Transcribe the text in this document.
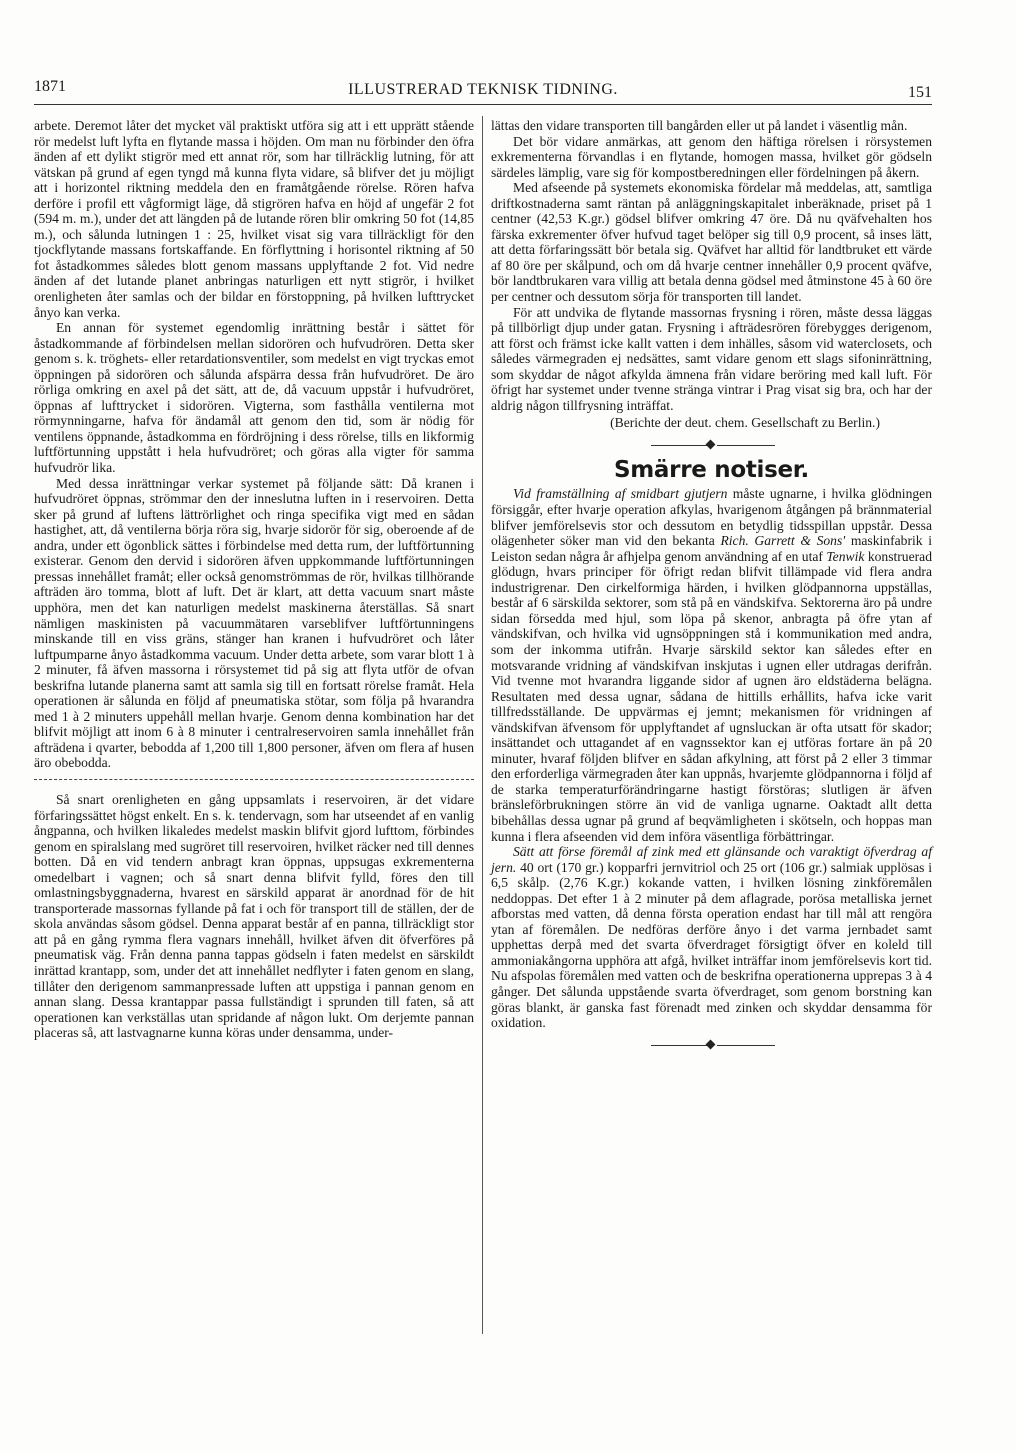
1871	ILLUSTRERAD TEKNISK TIDNING.	151

arbete. Deremot låter det mycket väl praktiskt utföra sig att i ett upprätt stående rör medelst luft lyfta en flytande massa i höjden. Om man nu förbinder den öfra änden af ett dylikt stigrör med ett annat rör, som har tillräcklig lutning, för att vätskan på grund af egen tyngd må kunna flyta vidare, så blifver det ju möjligt att i horizontel riktning meddela den en framåtgående rörelse. Rören hafva derföre i profil ett vågformigt läge, då stigrören hafva en höjd af ungefär 2 fot (594 m. m.), under det att längden på de lutande rören blir omkring 50 fot (14,85 m.), och sålunda lutningen 1 : 25, hvilket visat sig vara tillräckligt för den tjockflytande massans fortskaffande. En förflyttning i horisontel riktning af 50 fot åstadkommes således blott genom massans upplyftande 2 fot. Vid nedre änden af det lutande planet anbringas naturligen ett nytt stigrör, i hvilket orenligheten åter samlas och der bildar en förstoppning, på hvilken lufttrycket ånyo kan verka.

En annan för systemet egendomlig inrättning består i sättet för åstadkommande af förbindelsen mellan sidorören och hufvudrören. Detta sker genom s. k. tröghets- eller retardationsventiler, som medelst en vigt tryckas emot öppningen på sidorören och sålunda afspärra dessa från hufvudröret. De äro rörliga omkring en axel på det sätt, att de, då vacuum uppstår i hufvudröret, öppnas af lufttrycket i sidorören. Vigterna, som fasthålla ventilerna mot rörmynningarne, hafva för ändamål att genom den tid, som är nödig för ventilens öppnande, åstadkomma en fördröjning i dess rörelse, tills en likformig luftförtunning uppstått i hela hufvudröret; och göras alla vigter för samma hufvudrör lika.

Med dessa inrättningar verkar systemet på följande sätt: Då kranen i hufvudröret öppnas, strömmar den der inneslutna luften in i reservoiren. Detta sker på grund af luftens lättrörlighet och ringa specifika vigt med en sådan hastighet, att, då ventilerna börja röra sig, hvarje sidorör för sig, oberoende af de andra, under ett ögonblick sättes i förbindelse med detta rum, der luftförtunning existerar. Genom den dervid i sidorören äfven uppkommande luftförtunningen pressas innehållet framåt; eller också genomströmmas de rör, hvilkas tillhörande afträden äro tomma, blott af luft. Det är klart, att detta vacuum snart måste upphöra, men det kan naturligen medelst maskinerna återställas. Så snart nämligen maskinisten på vacuummätaren varseblifver luftförtunningens minskande till en viss gräns, stänger han kranen i hufvudröret och låter luftpumparne ånyo åstadkomma vacuum. Under detta arbete, som varar blott 1 à 2 minuter, få äfven massorna i rörsystemet tid på sig att flyta utför de ofvan beskrifna lutande planerna samt att samla sig till en fortsatt rörelse framåt. Hela operationen är sålunda en följd af pneumatiska stötar, som följa på hvarandra med 1 à 2 minuters uppehåll mellan hvarje. Genom denna kombination har det blifvit möjligt att inom 6 à 8 minuter i centralreservoiren samla innehållet från afträdena i qvarter, bebodda af 1,200 till 1,800 personer, äfven om flera af husen äro obebodda.

Så snart orenligheten en gång uppsamlats i reservoiren, är det vidare förfaringssättet högst enkelt. En s. k. tendervagn, som har utseendet af en vanlig ångpanna, och hvilken likaledes medelst maskin blifvit gjord lufttom, förbindes genom en spiralslang med sugröret till reservoiren, hvilket räcker ned till dennes botten. Då en vid tendern anbragt kran öppnas, uppsugas exkrementerna omedelbart i vagnen; och så snart denna blifvit fylld, föres den till omlastningsbyggnaderna, hvarest en särskild apparat är anordnad för de hit transporterade massornas fyllande på fat i och för transport till de ställen, der de skola användas såsom gödsel. Denna apparat består af en panna, tillräckligt stor att på en gång rymma flera vagnars innehåll, hvilket äfven dit öfverföres på pneumatisk väg. Från denna panna tappas gödseln i faten medelst en särskildt inrättad krantapp, som, under det att innehållet nedflyter i faten genom en slang, tillåter den derigenom sammanpressade luften att uppstiga i pannan genom en annan slang. Dessa krantappar passa fullständigt i sprunden till faten, så att operationen kan verkställas utan spridande af någon lukt. Om derjemte pannan placeras så, att lastvagnarne kunna köras under densamma, under-

lättas den vidare transporten till bangården eller ut på landet i väsentlig mån.

Det bör vidare anmärkas, att genom den häftiga rörelsen i rörsystemen exkrementerna förvandlas i en flytande, homogen massa, hvilket gör gödseln särdeles lämplig, vare sig för kompostberedningen eller fördelningen på åkern.

Med afseende på systemets ekonomiska fördelar må meddelas, att, samtliga driftkostnaderna samt räntan på anläggningskapitalet inberäknade, priset på 1 centner (42,53 K.gr.) gödsel blifver omkring 47 öre. Då nu qväfvehalten hos färska exkrementer öfver hufvud taget belöper sig till 0,9 procent, så inses lätt, att detta förfaringssätt bör betala sig. Qväfvet har alltid för landtbruket ett värde af 80 öre per skålpund, och om då hvarje centner innehåller 0,9 procent qväfve, bör landtbrukaren vara villig att betala denna gödsel med åtminstone 45 à 60 öre per centner och dessutom sörja för transporten till landet.

För att undvika de flytande massornas frysning i rören, måste dessa läggas på tillbörligt djup under gatan. Frysning i afträdesrören förebygges derigenom, att först och främst icke kallt vatten i dem inhälles, såsom vid waterclosets, och således värmegraden ej nedsättes, samt vidare genom ett slags sifoninrättning, som skyddar de något afkylda ämnena från vidare beröring med kall luft. För öfrigt har systemet under tvenne stränga vintrar i Prag visat sig bra, och har der aldrig någon tillfrysning inträffat.

(Berichte der deut. chem. Gesellschaft zu Berlin.)
Smärre notiser.

Vid framställning af smidbart gjutjern måste ugnarne, i hvilka glödningen försiggår, efter hvarje operation afkylas, hvarigenom åtgången på brännmaterial blifver jemförelsevis stor och dessutom en betydlig tidsspillan uppstår. Dessa olägenheter söker man vid den bekanta Rich. Garrett & Sons' maskinfabrik i Leiston sedan några år afhjelpa genom användning af en utaf Tenwik konstruerad glödugn, hvars principer för öfrigt redan blifvit tillämpade vid flera andra industrigrenar. Den cirkelformiga härden, i hvilken glödpannorna uppställas, består af 6 särskilda sektorer, som stå på en vändskifva. Sektorerna äro på undre sidan försedda med hjul, som löpa på skenor, anbragta på öfre ytan af vändskifvan, och hvilka vid ugnsöppningen stå i kommunikation med andra, som der inkomma utifrån. Hvarje särskild sektor kan således efter en motsvarande vridning af vändskifvan inskjutas i ugnen eller utdragas derifrån. Vid tvenne mot hvarandra liggande sidor af ugnen äro eldstäderna belägna. Resultaten med dessa ugnar, sådana de hittills erhållits, hafva icke varit tillfredsställande. De uppvärmas ej jemnt; mekanismen för vridningen af vändskifvan äfvensom för upplyftandet af ugnsluckan är ofta utsatt för skador; insättandet och uttagandet af en vagnssektor kan ej utföras fortare än på 20 minuter, hvaraf följden blifver en sådan afkylning, att först på 2 eller 3 timmar den erforderliga värmegraden åter kan uppnås, hvarjemte glödpannorna i följd af de starka temperaturförändringarne hastigt förstöras; slutligen är äfven bränsleförbrukningen större än vid de vanliga ugnarne. Oaktadt allt detta bibehållas dessa ugnar på grund af beqvämligheten i skötseln, och hoppas man kunna i flera afseenden vid dem införa väsentliga förbättringar.

Sätt att förse föremål af zink med ett glänsande och varaktigt öfverdrag af jern. 40 ort (170 gr.) kopparfri jernvitriol och 25 ort (106 gr.) salmiak upplösas i 6,5 skålp. (2,76 K.gr.) kokande vatten, i hvilken lösning zinkföremålen neddoppas. Det efter 1 à 2 minuter på dem aflagrade, porösa metalliska jernet afborstas med vatten, då denna första operation endast har till mål att rengöra ytan af föremålen. De nedföras derföre ånyo i det varma jernbadet samt upphettas derpå med det svarta öfverdraget försigtigt öfver en koleld till ammoniakångorna upphöra att afgå, hvilket inträffar inom jemförelsevis kort tid. Nu afspolas föremålen med vatten och de beskrifna operationerna upprepas 3 à 4 gånger. Det sålunda uppstående svarta öfverdraget, som genom borstning kan göras blankt, är ganska fast förenadt med zinken och skyddar densamma för oxidation.
